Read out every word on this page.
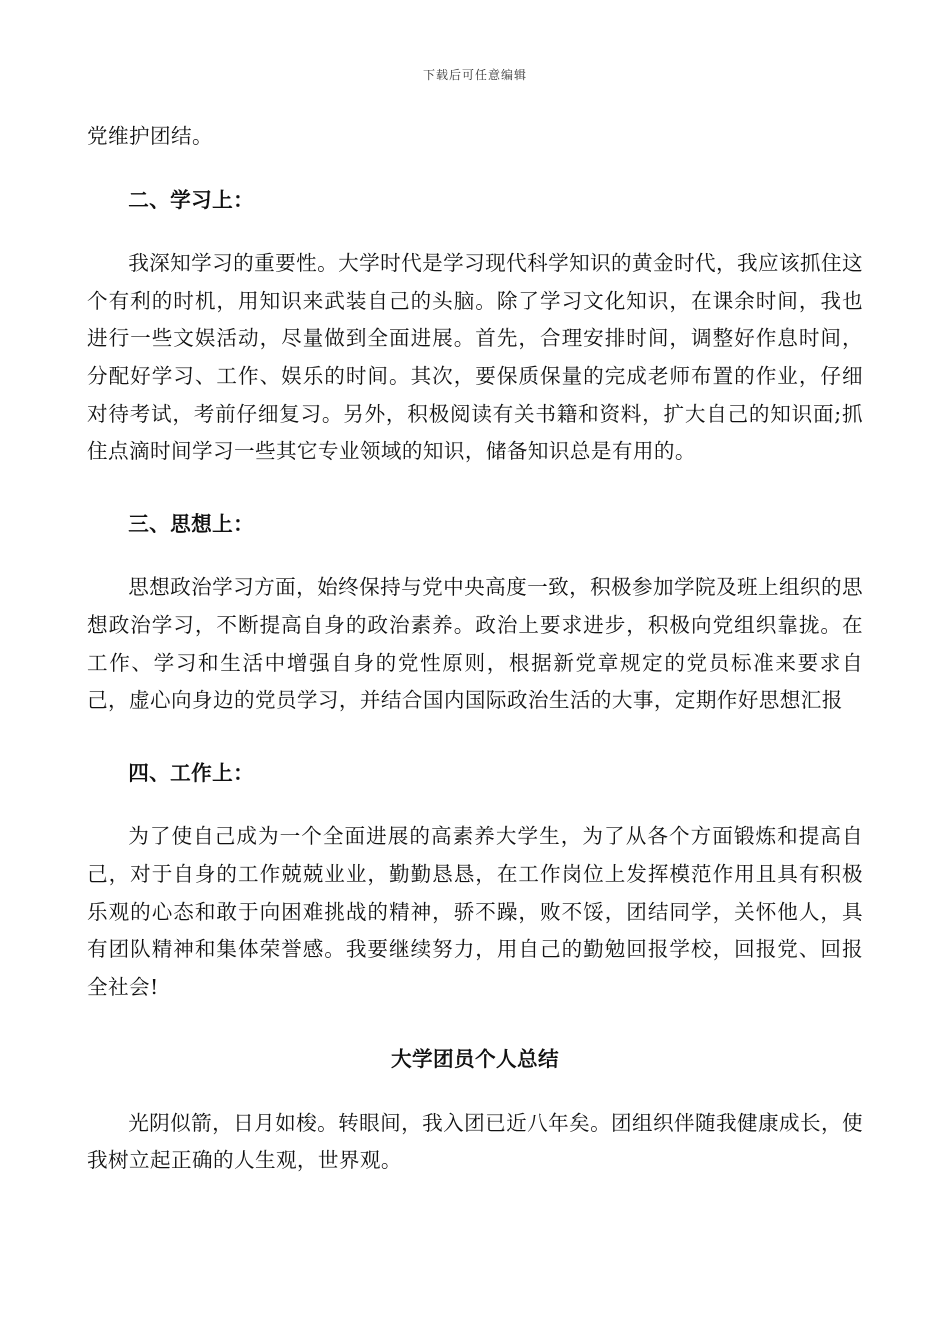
下载后可任意编辑

党维护团结。

二、学习上：

我深知学习的重要性。大学时代是学习现代科学知识的黄金时代，我应该抓住这个有利的时机，用知识来武装自己的头脑。除了学习文化知识，在课余时间，我也进行一些文娱活动，尽量做到全面进展。首先，合理安排时间，调整好作息时间，分配好学习、工作、娱乐的时间。其次，要保质保量的完成老师布置的作业，仔细对待考试，考前仔细复习。另外，积极阅读有关书籍和资料，扩大自己的知识面;抓住点滴时间学习一些其它专业领域的知识，储备知识总是有用的。

三、思想上：

思想政治学习方面，始终保持与党中央高度一致，积极参加学院及班上组织的思想政治学习，不断提高自身的政治素养。政治上要求进步，积极向党组织靠拢。在工作、学习和生活中增强自身的党性原则，根据新党章规定的党员标准来要求自己，虚心向身边的党员学习，并结合国内国际政治生活的大事，定期作好思想汇报

四、工作上：

为了使自己成为一个全面进展的高素养大学生，为了从各个方面锻炼和提高自己，对于自身的工作兢兢业业，勤勤恳恳，在工作岗位上发挥模范作用且具有积极乐观的心态和敢于向困难挑战的精神，骄不躁，败不馁，团结同学，关怀他人，具有团队精神和集体荣誉感。我要继续努力，用自己的勤勉回报学校，回报党、回报全社会!

大学团员个人总结

光阴似箭，日月如梭。转眼间，我入团已近八年矣。团组织伴随我健康成长，使我树立起正确的人生观，世界观。
